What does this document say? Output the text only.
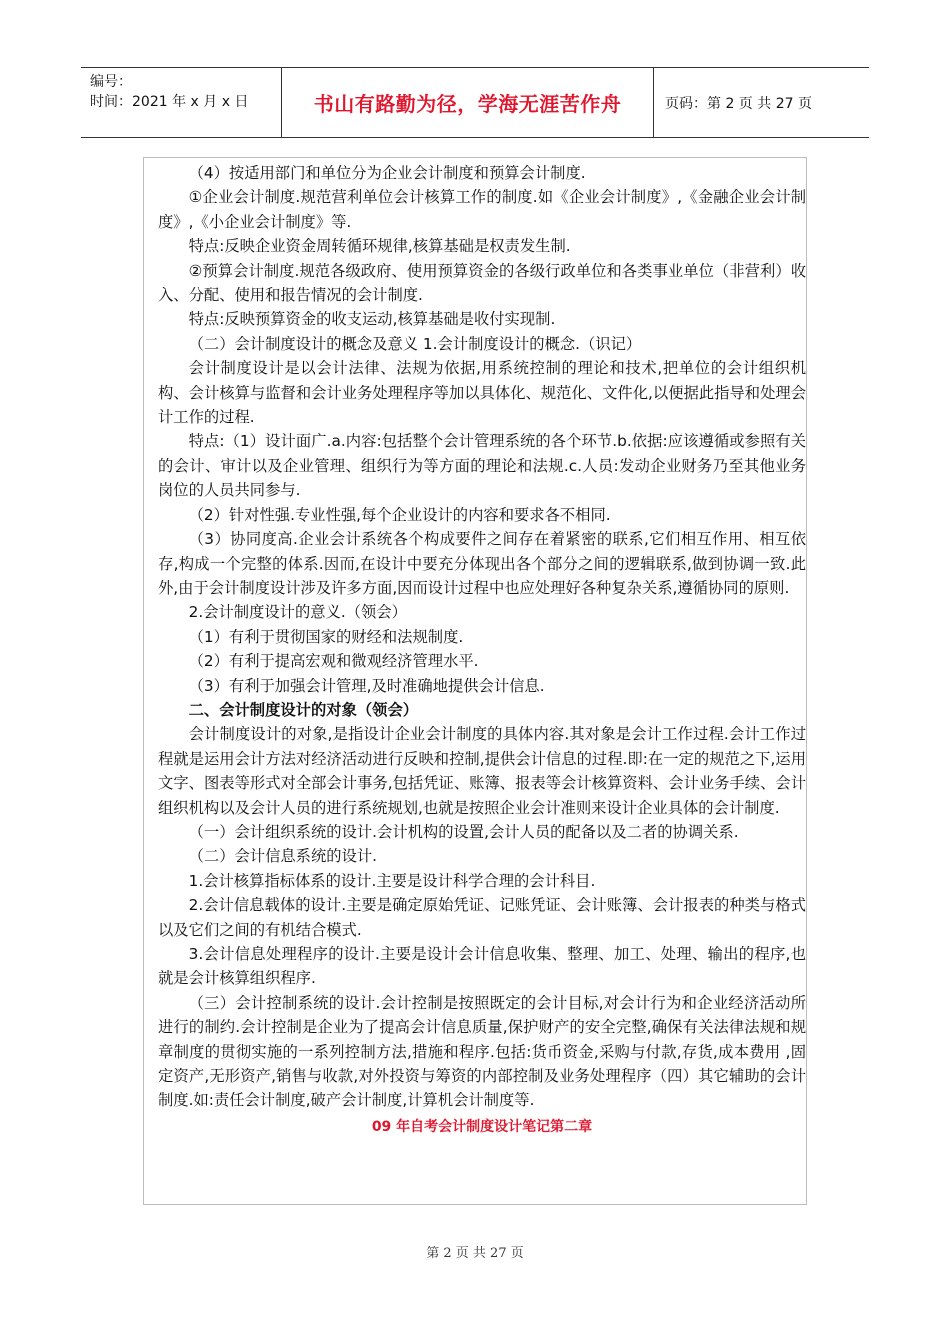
编号：
时间：2021 年 x 月 x 日	书山有路勤为径，学海无涯苦作舟	页码：第 2 页 共 27 页

（4）按适用部门和单位分为企业会计制度和预算会计制度.

①企业会计制度.规范营利单位会计核算工作的制度.如《企业会计制度》,《金融企业会计制度》,《小企业会计制度》等.

特点:反映企业资金周转循环规律,核算基础是权责发生制.

②预算会计制度.规范各级政府、使用预算资金的各级行政单位和各类事业单位（非营利）收入、分配、使用和报告情况的会计制度.

特点:反映预算资金的收支运动,核算基础是收付实现制.

（二）会计制度设计的概念及意义 1.会计制度设计的概念.（识记）

会计制度设计是以会计法律、法规为依据,用系统控制的理论和技术,把单位的会计组织机构、会计核算与监督和会计业务处理程序等加以具体化、规范化、文件化,以便据此指导和处理会计工作的过程.

特点:（1）设计面广.a.内容:包括整个会计管理系统的各个环节.b.依据:应该遵循或参照有关的会计、审计以及企业管理、组织行为等方面的理论和法规.c.人员:发动企业财务乃至其他业务岗位的人员共同参与.

（2）针对性强.专业性强,每个企业设计的内容和要求各不相同.

（3）协同度高.企业会计系统各个构成要件之间存在着紧密的联系,它们相互作用、相互依存,构成一个完整的体系.因而,在设计中要充分体现出各个部分之间的逻辑联系,做到协调一致.此外,由于会计制度设计涉及许多方面,因而设计过程中也应处理好各种复杂关系,遵循协同的原则.

2.会计制度设计的意义.（领会）

（1）有利于贯彻国家的财经和法规制度.

（2）有利于提高宏观和微观经济管理水平.

（3）有利于加强会计管理,及时准确地提供会计信息.

二、会计制度设计的对象（领会）

会计制度设计的对象,是指设计企业会计制度的具体内容.其对象是会计工作过程.会计工作过程就是运用会计方法对经济活动进行反映和控制,提供会计信息的过程.即:在一定的规范之下,运用文字、图表等形式对全部会计事务,包括凭证、账簿、报表等会计核算资料、会计业务手续、会计组织机构以及会计人员的进行系统规划,也就是按照企业会计准则来设计企业具体的会计制度.

（一）会计组织系统的设计.会计机构的设置,会计人员的配备以及二者的协调关系.

（二）会计信息系统的设计.

1.会计核算指标体系的设计.主要是设计科学合理的会计科目.

2.会计信息载体的设计.主要是确定原始凭证、记账凭证、会计账簿、会计报表的种类与格式以及它们之间的有机结合模式.

3.会计信息处理程序的设计.主要是设计会计信息收集、整理、加工、处理、输出的程序,也就是会计核算组织程序.

（三）会计控制系统的设计.会计控制是按照既定的会计目标,对会计行为和企业经济活动所进行的制约.会计控制是企业为了提高会计信息质量,保护财产的安全完整,确保有关法律法规和规章制度的贯彻实施的一系列控制方法,措施和程序.包括:货币资金,采购与付款,存货,成本费用 ,固定资产,无形资产,销售与收款,对外投资与筹资的内部控制及业务处理程序（四）其它辅助的会计制度.如:责任会计制度,破产会计制度,计算机会计制度等.

09 年自考会计制度设计笔记第二章

第 2 页 共 27 页
